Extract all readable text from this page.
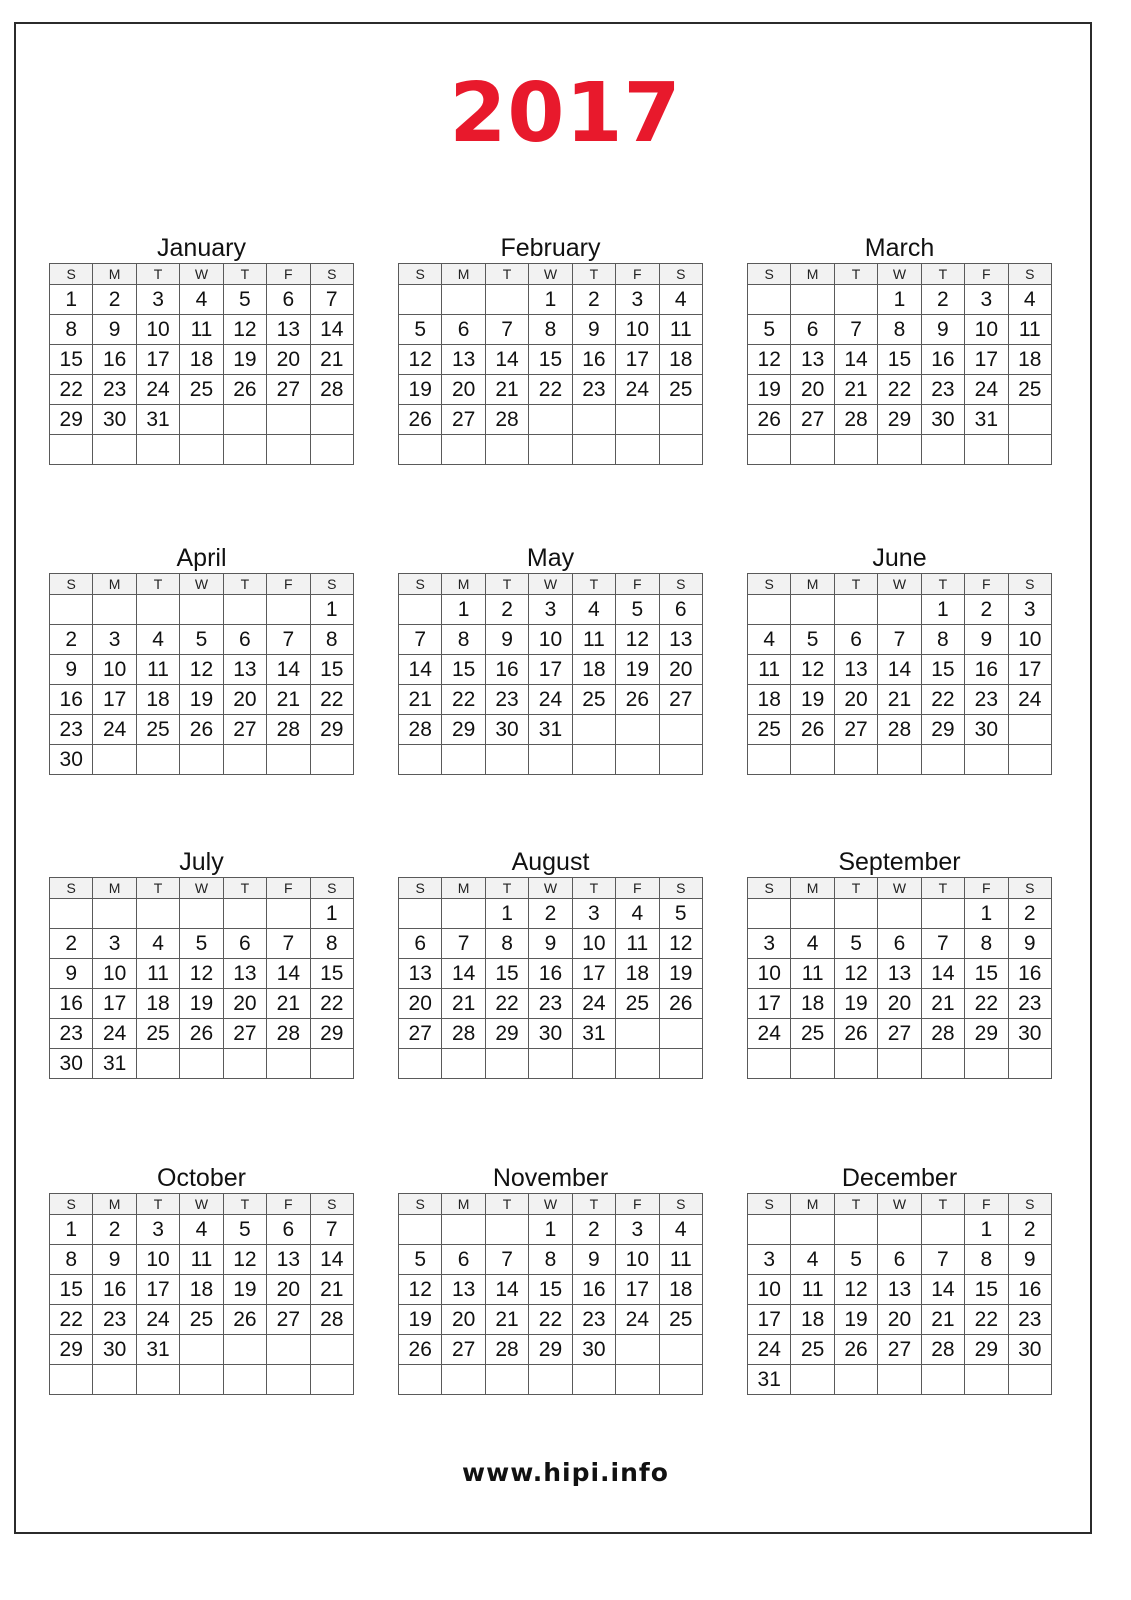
2017
January
S	M	T	W	T	F	S
1	2	3	4	5	6	7
8	9	10	11	12	13	14
15	16	17	18	19	20	21
22	23	24	25	26	27	28
29	30	31				

February
S	M	T	W	T	F	S
			1	2	3	4
5	6	7	8	9	10	11
12	13	14	15	16	17	18
19	20	21	22	23	24	25
26	27	28				

March
S	M	T	W	T	F	S
			1	2	3	4
5	6	7	8	9	10	11
12	13	14	15	16	17	18
19	20	21	22	23	24	25
26	27	28	29	30	31	

April
S	M	T	W	T	F	S
						1
2	3	4	5	6	7	8
9	10	11	12	13	14	15
16	17	18	19	20	21	22
23	24	25	26	27	28	29
30						
May
S	M	T	W	T	F	S
	1	2	3	4	5	6
7	8	9	10	11	12	13
14	15	16	17	18	19	20
21	22	23	24	25	26	27
28	29	30	31			

June
S	M	T	W	T	F	S
				1	2	3
4	5	6	7	8	9	10
11	12	13	14	15	16	17
18	19	20	21	22	23	24
25	26	27	28	29	30	

July
S	M	T	W	T	F	S
						1
2	3	4	5	6	7	8
9	10	11	12	13	14	15
16	17	18	19	20	21	22
23	24	25	26	27	28	29
30	31					
August
S	M	T	W	T	F	S
		1	2	3	4	5
6	7	8	9	10	11	12
13	14	15	16	17	18	19
20	21	22	23	24	25	26
27	28	29	30	31		

September
S	M	T	W	T	F	S
					1	2
3	4	5	6	7	8	9
10	11	12	13	14	15	16
17	18	19	20	21	22	23
24	25	26	27	28	29	30

October
S	M	T	W	T	F	S
1	2	3	4	5	6	7
8	9	10	11	12	13	14
15	16	17	18	19	20	21
22	23	24	25	26	27	28
29	30	31				

November
S	M	T	W	T	F	S
			1	2	3	4
5	6	7	8	9	10	11
12	13	14	15	16	17	18
19	20	21	22	23	24	25
26	27	28	29	30		

December
S	M	T	W	T	F	S
					1	2
3	4	5	6	7	8	9
10	11	12	13	14	15	16
17	18	19	20	21	22	23
24	25	26	27	28	29	30
31						
www.hipi.info
